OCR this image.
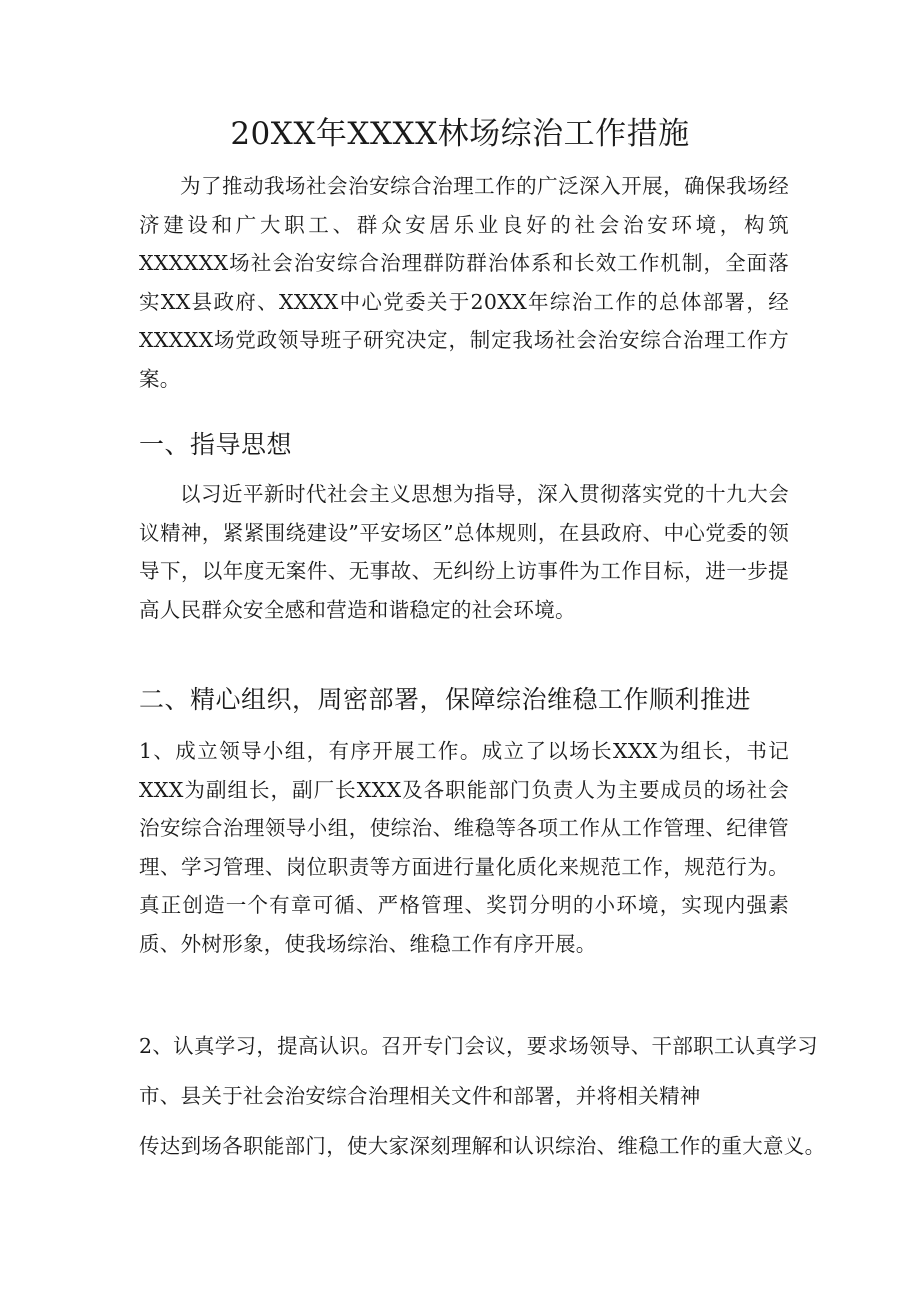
20XX年XXXX林场综治工作措施

为了推动我场社会治安综合治理工作的广泛深入开展，确保我场经济建设和广大职工、群众安居乐业良好的社会治安环境，构筑XXXXXX场社会治安综合治理群防群治体系和长效工作机制，全面落实XX县政府、XXXX中心党委关于20XX年综治工作的总体部署，经XXXXX场党政领导班子研究决定，制定我场社会治安综合治理工作方案。

一、指导思想

以习近平新时代社会主义思想为指导，深入贯彻落实党的十九大会议精神，紧紧围绕建设”平安场区”总体规则，在县政府、中心党委的领导下，以年度无案件、无事故、无纠纷上访事件为工作目标，进一步提高人民群众安全感和营造和谐稳定的社会环境。

二、精心组织，周密部署，保障综治维稳工作顺利推进

1、成立领导小组，有序开展工作。成立了以场长XXX为组长，书记XXX为副组长，副厂长XXX及各职能部门负责人为主要成员的场社会治安综合治理领导小组，使综治、维稳等各项工作从工作管理、纪律管理、学习管理、岗位职责等方面进行量化质化来规范工作，规范行为。真正创造一个有章可循、严格管理、奖罚分明的小环境，实现内强素质、外树形象，使我场综治、维稳工作有序开展。

2、认真学习，提高认识。召开专门会议，要求场领导、干部职工认真学习

市、县关于社会治安综合治理相关文件和部署，并将相关精神

传达到场各职能部门，使大家深刻理解和认识综治、维稳工作的重大意义。
